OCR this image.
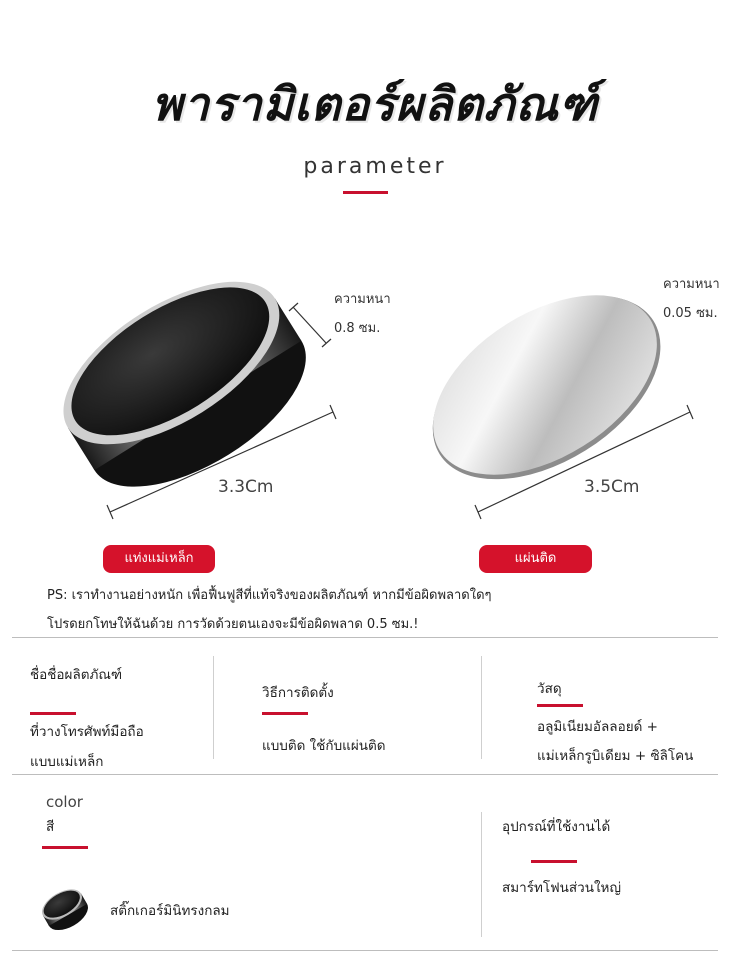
พารามิเตอร์ผลิตภัณฑ์
parameter
ความหนา
0.8 ซม.
3.3Cm
ความหนา
0.05 ซม.
3.5Cm
แท่งแม่เหล็ก	แผ่นติด
PS: เราทำงานอย่างหนัก เพื่อฟื้นฟูสีที่แท้จริงของผลิตภัณฑ์ หากมีข้อผิดพลาดใดๆ
โปรดยกโทษให้ฉันด้วย การวัดด้วยตนเองจะมีข้อผิดพลาด 0.5 ซม.!
ชื่อชื่อผลิตภัณฑ์
ที่วางโทรศัพท์มือถือ
แบบแม่เหล็ก
วิธีการติดตั้ง
แบบติด ใช้กับแผ่นติด
วัสดุ
อลูมิเนียมอัลลอยด์ +
แม่เหล็กรูบิเดียม + ซิลิโคน
color
สี
สติ๊กเกอร์มินิทรงกลม
อุปกรณ์ที่ใช้งานได้
สมาร์ทโฟนส่วนใหญ่
